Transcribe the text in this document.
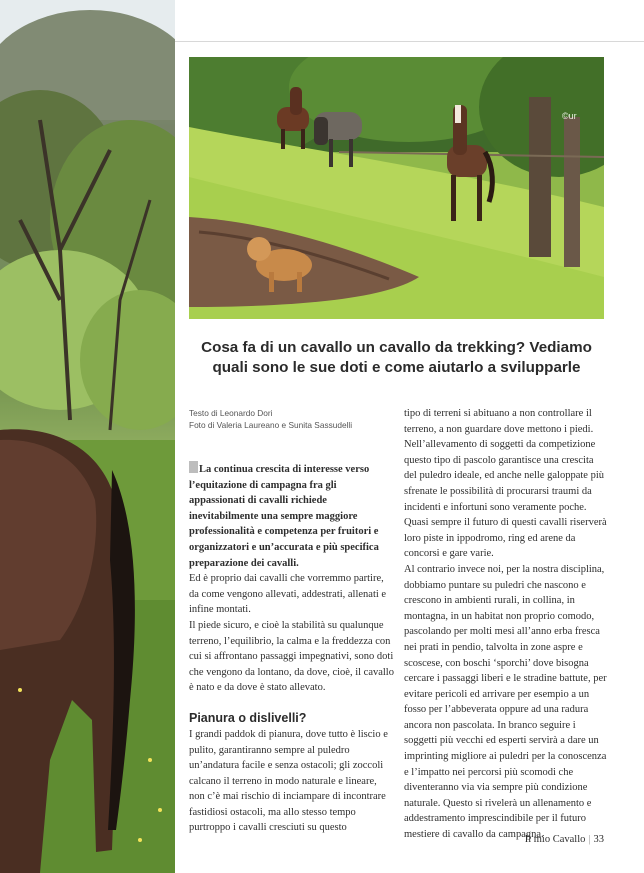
©ur
Cosa fa di un cavallo un cavallo da trekking? Vediamo
quali sono le sue doti e come aiutarlo a svilupparle
Testo di Leonardo Dori
Foto di Valeria Laureano e Sunita Sassudelli

La continua crescita di interesse verso l’equitazione di campagna fra gli appassionati di cavalli richiede inevitabilmente una sempre maggiore professionalità e competenza per fruitori e organizzatori e un’accurata e più specifica preparazione dei cavalli.

Ed è proprio dai cavalli che vorremmo partire, da come vengono allevati, addestrati, allenati e infine montati.

Il piede sicuro, e cioè la stabilità su qualunque terreno, l’equilibrio, la calma e la freddezza con cui si affrontano passaggi impegnativi, sono doti che vengono da lontano, da dove, cioè, il cavallo è nato e da dove è stato allevato.

Pianura o dislivelli?

I grandi paddok di pianura, dove tutto è liscio e pulito, garantiranno sempre al puledro un’andatura facile e senza ostacoli; gli zoccoli calcano il terreno in modo naturale e lineare, non c’è mai rischio di inciampare di incontrare fastidiosi ostacoli, ma allo stesso tempo purtroppo i cavalli cresciuti su questo

tipo di terreni si abituano a non controllare il terreno, a non guardare dove mettono i piedi. Nell’allevamento di soggetti da competizione questo tipo di pascolo garantisce una crescita del puledro ideale, ed anche nelle galoppate più sfrenate le possibilità di procurarsi traumi da incidenti e infortuni sono veramente poche. Quasi sempre il futuro di questi cavalli riserverà loro piste in ippodromo, ring ed arene da concorsi e gare varie.

Al contrario invece noi, per la nostra disciplina, dobbiamo puntare su puledri che nascono e crescono in ambienti rurali, in collina, in montagna, in un habitat non proprio comodo, pascolando per molti mesi all’anno erba fresca nei prati in pendio, talvolta in zone aspre e scoscese, con boschi ‘sporchi’ dove bisogna cercare i passaggi liberi e le stradine battute, per evitare pericoli ed arrivare per esempio a un fosso per l’abbeverata oppure ad una radura ancora non pascolata. In branco seguire i soggetti più vecchi ed esperti servirà a dare un imprinting migliore ai puledri per la conoscenza e l’impatto nei percorsi più scomodi che diventeranno via via sempre più condizione naturale. Questo si rivelerà un allenamento e addestramento imprescindibile per il futuro mestiere di cavallo da campagna.

Il mio Cavallo | 33
